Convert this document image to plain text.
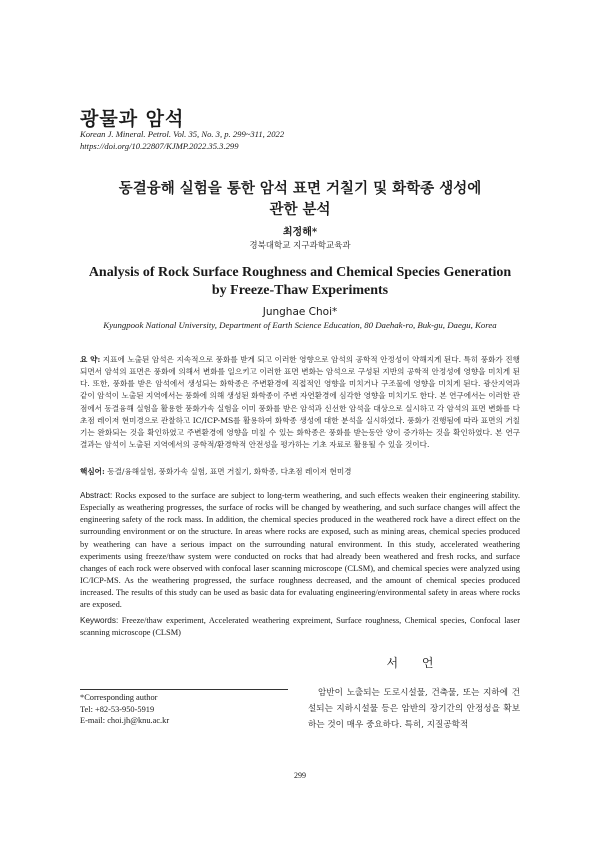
광물과 암석
Korean J. Mineral. Petrol. Vol. 35, No. 3, p. 299~311, 2022
https://doi.org/10.22807/KJMP.2022.35.3.299
동결융해 실험을 통한 암석 표면 거칠기 및 화학종 생성에
관한 분석
최정해*
경북대학교 지구과학교육과
Analysis of Rock Surface Roughness and Chemical Species Generation
by Freeze-Thaw Experiments
Junghae Choi*
Kyungpook National University, Department of Earth Science Education, 80 Daehak-ro, Buk-gu, Daegu, Korea

요 약: 지표에 노출된 암석은 지속적으로 풍화를 받게 되고 이러한 영향으로 암석의 공학적 안정성이 약해지게 된다. 특히 풍화가 진행되면서 암석의 표면은 풍화에 의해서 변화를 일으키고 이러한 표면 변화는 암석으로 구성된 지반의 공학적 안정성에 영향을 미치게 된다. 또한, 풍화를 받은 암석에서 생성되는 화학종은 주변환경에 직접적인 영향을 미치거나 구조물에 영향을 미치게 된다. 광산지역과 같이 암석이 노출된 지역에서는 풍화에 의해 생성된 화학종이 주변 자연환경에 심각한 영향을 미치기도 한다. 본 연구에서는 이러한 관점에서 동결융해 실험을 활용한 풍화가속 실험을 이미 풍화를 받은 암석과 신선한 암석을 대상으로 실시하고 각 암석의 표면 변화를 다초점 레이저 현미경으로 관찰하고 IC/ICP-MS를 활용하여 화학종 생성에 대한 분석을 실시하였다. 풍화가 진행됨에 따라 표면의 거칠기는 완화되는 것을 확인하였고 주변환경에 영향을 미칠 수 있는 화학종은 풍화를 받는동안 양이 증가하는 것을 확인하였다. 본 연구 결과는 암석이 노출된 지역에서의 공학적/환경학적 안전성을 평가하는 기초 자료로 활용될 수 있을 것이다.

핵심어: 동결/융해실험, 풍화가속 실험, 표면 거칠기, 화학종, 다초점 레이저 현미경

Abstract: Rocks exposed to the surface are subject to long-term weathering, and such effects weaken their engineering stability. Especially as weathering progresses, the surface of rocks will be changed by weathering, and such surface changes will affect the engineering safety of the rock mass. In addition, the chemical species produced in the weathered rock have a direct effect on the surrounding environment or on the structure. In areas where rocks are exposed, such as mining areas, chemical species produced by weathering can have a serious impact on the surrounding natural environment. In this study, accelerated weathering experiments using freeze/thaw system were conducted on rocks that had already been weathered and fresh rocks, and surface changes of each rock were observed with confocal laser scanning microscope (CLSM), and chemical species were analyzed using IC/ICP-MS. As the weathering progressed, the surface roughness decreased, and the amount of chemical species produced increased. The results of this study can be used as basic data for evaluating engineering/environmental safety in areas where rocks are exposed.

Keywords: Freeze/thaw experiment, Accelerated weathering expreiment, Surface roughness, Chemical species, Confocal laser scanning microscope (CLSM)
서 언
*Corresponding author
Tel: +82-53-950-5919
E-mail: choi.jh@knu.ac.kr

암반이 노출되는 도로시설물, 건축물, 또는 지하에 건설되는 지하시설물 등은 암반의 장기간의 안정성을 확보하는 것이 매우 중요하다. 특히, 지질공학적

299
